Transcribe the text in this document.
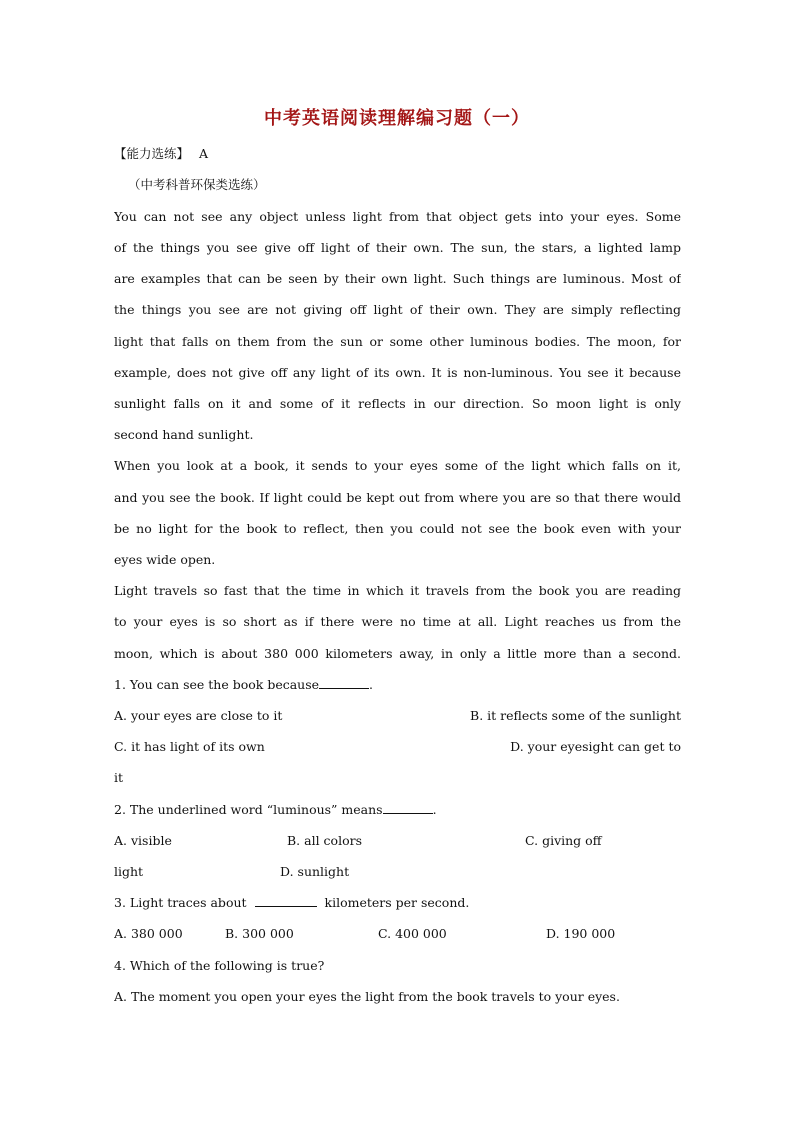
中考英语阅读理解编习题（一）
【能力选练】 A
（中考科普环保类选练）
You can not see any object unless light from that object gets into your eyes. Some
of the things you see give off light of their own. The sun, the stars, a lighted lamp
are examples that can be seen by their own light. Such things are luminous. Most of
the things you see are not giving off light of their own. They are simply reflecting
light that falls on them from the sun or some other luminous bodies. The moon, for
example, does not give off any light of its own. It is non-luminous. You see it because
sunlight falls on it and some of it reflects in our direction. So moon light is only
second hand sunlight.
When you look at a book, it sends to your eyes some of the light which falls on it,
and you see the book. If light could be kept out from where you are so that there would
be no light for the book to reflect, then you could not see the book even with your
eyes wide open.
Light travels so fast that the time in which it travels from the book you are reading
to your eyes is so short as if there were no time at all. Light reaches us from the
moon, which is about 380 000 kilometers away, in only a little more than a second.
1. You can see the book because	.
A. your eyes are close to it	B. it reflects some of the sunlight
C. it has light of its own	D. your eyesight can get to
it
2. The underlined word “luminous” means	.
A. visible	B. all colors	C. giving off
light	D. sunlight
3. Light traces about	kilometers per second.
A. 380 000	B. 300 000	C. 400 000	D. 190 000
4. Which of the following is true?
A. The moment you open your eyes the light from the book travels to your eyes.
